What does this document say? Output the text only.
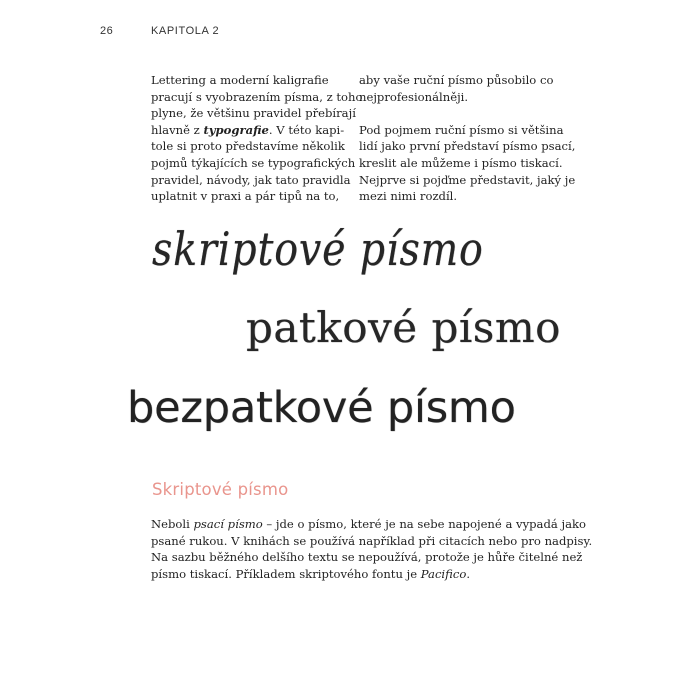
26	KAPITOLA 2

Lettering a moderní kaligrafie
pracují s vyobrazením písma, z toho
plyne, že většinu pravidel přebírají
hlavně z typografie. V této kapi-
tole si proto představíme několik
pojmů týkajících se typografických
pravidel, návody, jak tato pravidla
uplatnit v praxi a pár tipů na to,

aby vaše ruční písmo působilo co
nejprofesionálněji.

Pod pojmem ruční písmo si většina
lidí jako první představí písmo psací,
kreslit ale můžeme i písmo tiskací.
Nejprve si pojďme představit, jaký je
mezi nimi rozdíl.

skriptové písmo
patkové písmo
bezpatkové písmo
Skriptové písmo
Neboli psací písmo – jde o písmo, které je na sebe napojené a vypadá jako
psané rukou. V knihách se používá například při citacích nebo pro nadpisy.
Na sazbu běžného delšího textu se nepoužívá, protože je hůře čitelné než
písmo tiskací. Příkladem skriptového fontu je Pacifico.
